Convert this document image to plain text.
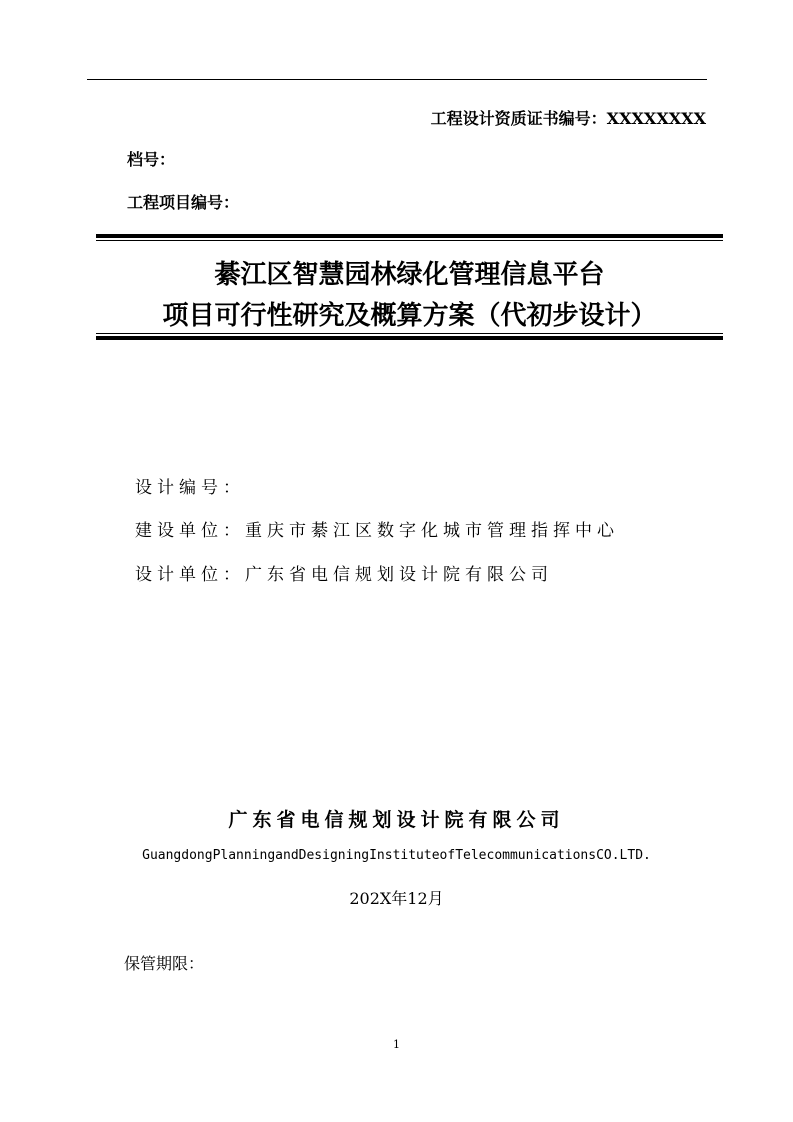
工程设计资质证书编号：XXXXXXXX
档号：
工程项目编号：
綦江区智慧园林绿化管理信息平台
项目可行性研究及概算方案（代初步设计）
设计编号：
建设单位：重庆市綦江区数字化城市管理指挥中心
设计单位：广东省电信规划设计院有限公司
广东省电信规划设计院有限公司
GuangdongPlanningandDesigningInstituteofTelecommunicationsCO.LTD.
202X年12月
保管期限：
1
